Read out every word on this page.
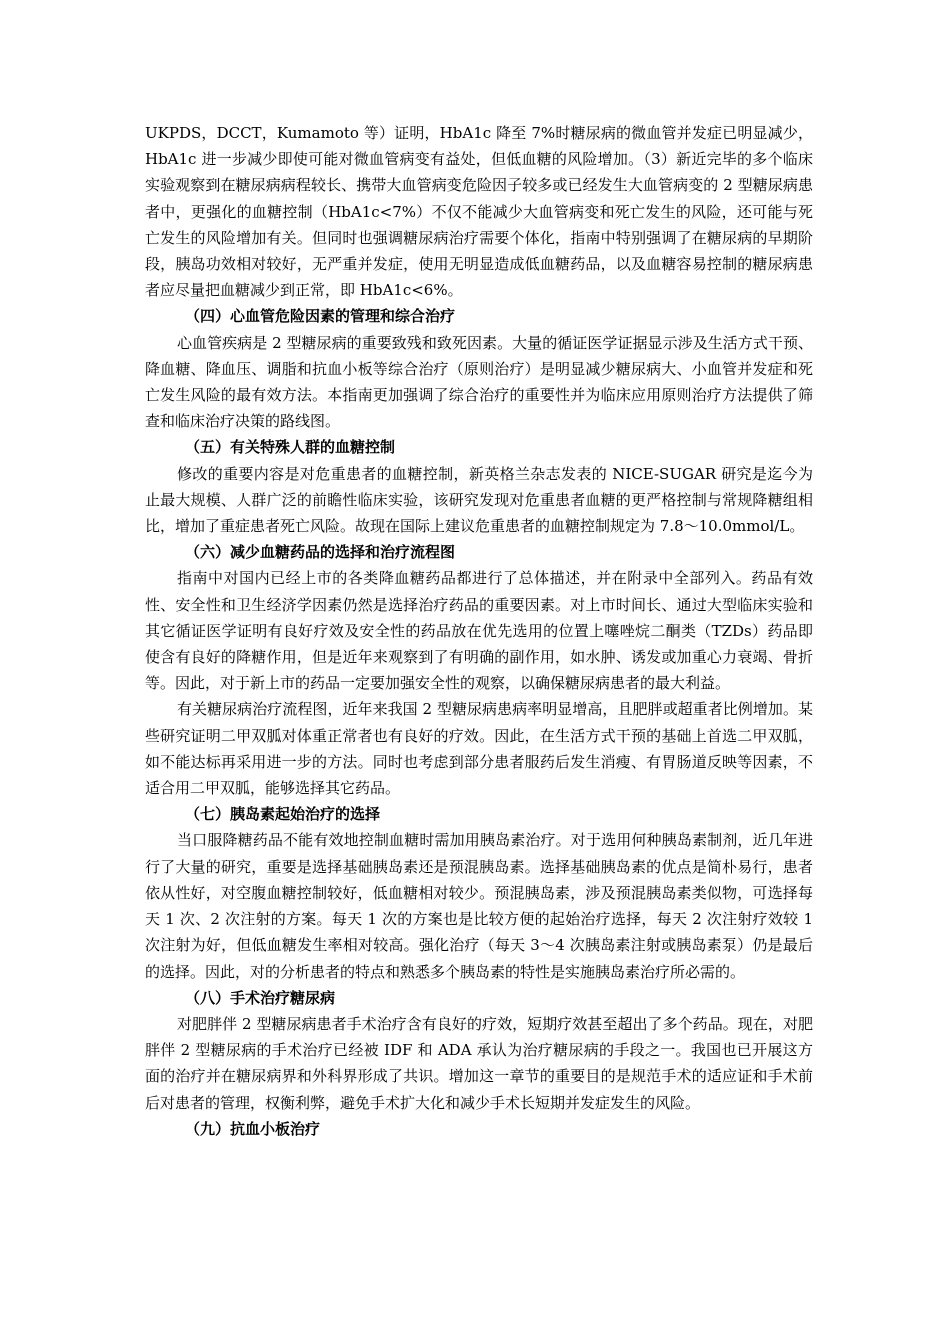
UKPDS，DCCT，Kumamoto 等）证明，HbA1c 降至 7%时糖尿病的微血管并发症已明显减少，HbA1c 进一步减少即使可能对微血管病变有益处，但低血糖的风险增加。（3）新近完毕的多个临床实验观察到在糖尿病病程较长、携带大血管病变危险因子较多或已经发生大血管病变的 2 型糖尿病患者中，更强化的血糖控制（HbA1c<7%）不仅不能减少大血管病变和死亡发生的风险，还可能与死亡发生的风险增加有关。但同时也强调糖尿病治疗需要个体化，指南中特别强调了在糖尿病的早期阶段，胰岛功效相对较好，无严重并发症，使用无明显造成低血糖药品，以及血糖容易控制的糖尿病患者应尽量把血糖减少到正常，即 HbA1c<6%。

（四）心血管危险因素的管理和综合治疗

心血管疾病是 2 型糖尿病的重要致残和致死因素。大量的循证医学证据显示涉及生活方式干预、降血糖、降血压、调脂和抗血小板等综合治疗（原则治疗）是明显减少糖尿病大、小血管并发症和死亡发生风险的最有效方法。本指南更加强调了综合治疗的重要性并为临床应用原则治疗方法提供了筛查和临床治疗决策的路线图。

（五）有关特殊人群的血糖控制

修改的重要内容是对危重患者的血糖控制，新英格兰杂志发表的 NICE-SUGAR 研究是迄今为止最大规模、人群广泛的前瞻性临床实验，该研究发现对危重患者血糖的更严格控制与常规降糖组相比，增加了重症患者死亡风险。故现在国际上建议危重患者的血糖控制规定为 7.8～10.0mmol/L。

（六）减少血糖药品的选择和治疗流程图

指南中对国内已经上市的各类降血糖药品都进行了总体描述，并在附录中全部列入。药品有效性、安全性和卫生经济学因素仍然是选择治疗药品的重要因素。对上市时间长、通过大型临床实验和其它循证医学证明有良好疗效及安全性的药品放在优先选用的位置上噻唑烷二酮类（TZDs）药品即使含有良好的降糖作用，但是近年来观察到了有明确的副作用，如水肿、诱发或加重心力衰竭、骨折等。因此，对于新上市的药品一定要加强安全性的观察，以确保糖尿病患者的最大利益。

有关糖尿病治疗流程图，近年来我国 2 型糖尿病患病率明显增高，且肥胖或超重者比例增加。某些研究证明二甲双胍对体重正常者也有良好的疗效。因此，在生活方式干预的基础上首选二甲双胍，如不能达标再采用进一步的方法。同时也考虑到部分患者服药后发生消瘦、有胃肠道反映等因素，不适合用二甲双胍，能够选择其它药品。

（七）胰岛素起始治疗的选择

当口服降糖药品不能有效地控制血糖时需加用胰岛素治疗。对于选用何种胰岛素制剂，近几年进行了大量的研究，重要是选择基础胰岛素还是预混胰岛素。选择基础胰岛素的优点是简朴易行，患者依从性好，对空腹血糖控制较好，低血糖相对较少。预混胰岛素，涉及预混胰岛素类似物，可选择每天 1 次、2 次注射的方案。每天 1 次的方案也是比较方便的起始治疗选择，每天 2 次注射疗效较 1 次注射为好，但低血糖发生率相对较高。强化治疗（每天 3～4 次胰岛素注射或胰岛素泵）仍是最后的选择。因此，对的分析患者的特点和熟悉多个胰岛素的特性是实施胰岛素治疗所必需的。

（八）手术治疗糖尿病

对肥胖伴 2 型糖尿病患者手术治疗含有良好的疗效，短期疗效甚至超出了多个药品。现在，对肥胖伴 2 型糖尿病的手术治疗已经被 IDF 和 ADA 承认为治疗糖尿病的手段之一。我国也已开展这方面的治疗并在糖尿病界和外科界形成了共识。增加这一章节的重要目的是规范手术的适应证和手术前后对患者的管理，权衡利弊，避免手术扩大化和减少手术长短期并发症发生的风险。

（九）抗血小板治疗
